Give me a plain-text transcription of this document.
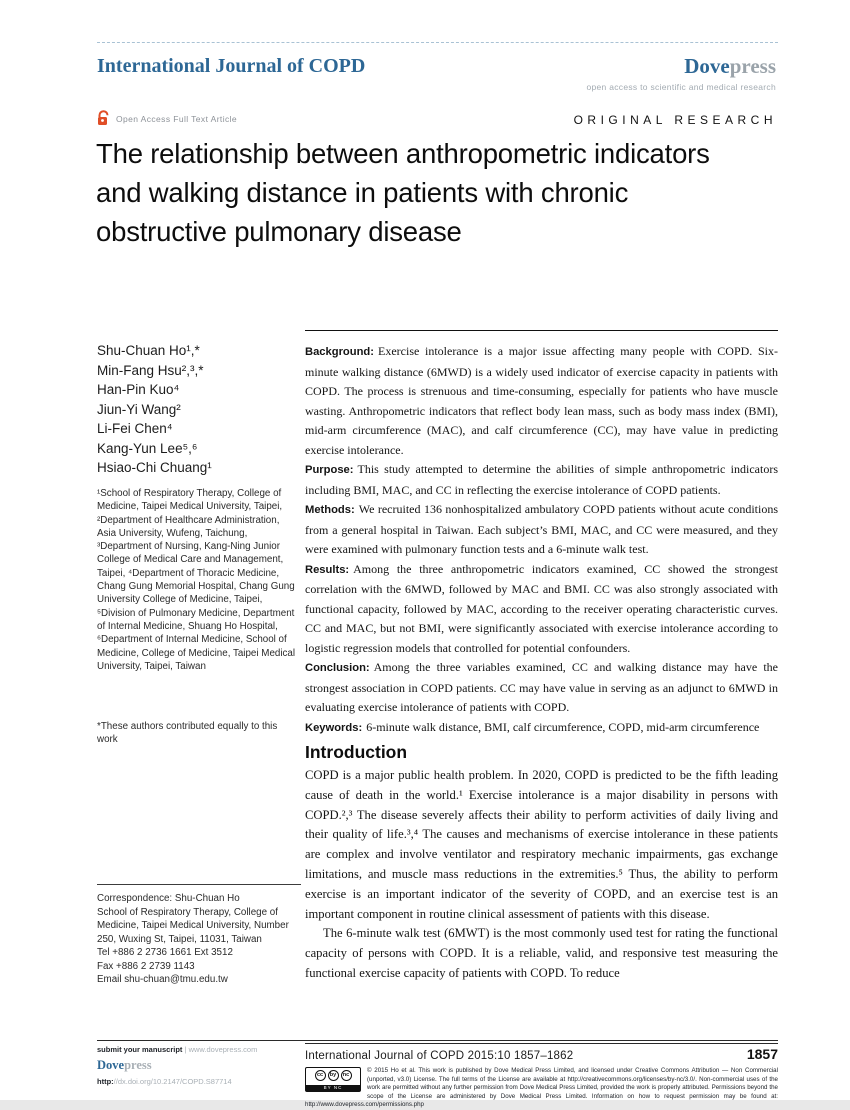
International Journal of COPD	Dovepress
open access to scientific and medical research
Open Access Full Text Article	ORIGINAL RESEARCH
The relationship between anthropometric indicators and walking distance in patients with chronic obstructive pulmonary disease
Shu-Chuan Ho¹,*
Min-Fang Hsu²,³,*
Han-Pin Kuo⁴
Jiun-Yi Wang²
Li-Fei Chen⁴
Kang-Yun Lee⁵,⁶
Hsiao-Chi Chuang¹
¹School of Respiratory Therapy, College of Medicine, Taipei Medical University, Taipei, ²Department of Healthcare Administration, Asia University, Wufeng, Taichung, ³Department of Nursing, Kang-Ning Junior College of Medical Care and Management, Taipei, ⁴Department of Thoracic Medicine, Chang Gung Memorial Hospital, Chang Gung University College of Medicine, Taipei, ⁵Division of Pulmonary Medicine, Department of Internal Medicine, Shuang Ho Hospital, ⁶Department of Internal Medicine, School of Medicine, College of Medicine, Taipei Medical University, Taipei, Taiwan
*These authors contributed equally to this work
Correspondence: Shu-Chuan Ho
School of Respiratory Therapy, College of Medicine, Taipei Medical University, Number 250, Wuxing St, Taipei, 11031, Taiwan
Tel +886 2 2736 1661 Ext 3512
Fax +886 2 2739 1143
Email shu-chuan@tmu.edu.tw

Background: Exercise intolerance is a major issue affecting many people with COPD. Six-minute walking distance (6MWD) is a widely used indicator of exercise capacity in patients with COPD. The process is strenuous and time-consuming, especially for patients who have muscle wasting. Anthropometric indicators that reflect body lean mass, such as body mass index (BMI), mid-arm circumference (MAC), and calf circumference (CC), may have value in predicting exercise intolerance.

Purpose: This study attempted to determine the abilities of simple anthropometric indicators including BMI, MAC, and CC in reflecting the exercise intolerance of COPD patients.

Methods: We recruited 136 nonhospitalized ambulatory COPD patients without acute conditions from a general hospital in Taiwan. Each subject’s BMI, MAC, and CC were measured, and they were examined with pulmonary function tests and a 6-minute walk test.

Results: Among the three anthropometric indicators examined, CC showed the strongest correlation with the 6MWD, followed by MAC and BMI. CC was also strongly associated with functional capacity, followed by MAC, according to the receiver operating characteristic curves. CC and MAC, but not BMI, were significantly associated with exercise intolerance according to logistic regression models that controlled for potential confounders.

Conclusion: Among the three variables examined, CC and walking distance may have the strongest association in COPD patients. CC may have value in serving as an adjunct to 6MWD in evaluating exercise intolerance of patients with COPD.

Keywords: 6-minute walk distance, BMI, calf circumference, COPD, mid-arm circumference

Introduction

COPD is a major public health problem. In 2020, COPD is predicted to be the fifth leading cause of death in the world.¹ Exercise intolerance is a major disability in persons with COPD.²,³ The disease severely affects their ability to perform activities of daily living and their quality of life.³,⁴ The causes and mechanisms of exercise intolerance in these patients are complex and involve ventilator and respiratory mechanic impairments, gas exchange limitations, and muscle mass reductions in the extremities.⁵ Thus, the ability to perform exercise is an important indicator of the severity of COPD, and an exercise test is an important component in routine clinical assessment of patients with this disease.

The 6-minute walk test (6MWT) is the most commonly used test for rating the functional capacity of persons with COPD. It is a reliable, valid, and responsive test measuring the functional exercise capacity of patients with COPD. To reduce

submit your manuscript | www.dovepress.com
Dovepress
http://dx.doi.org/10.2147/COPD.S87714
International Journal of COPD 2015:10 1857–1862	1857
cc	by	nc
BY NC
© 2015 Ho et al. This work is published by Dove Medical Press Limited, and licensed under Creative Commons Attribution — Non Commercial (unported, v3.0) License. The full terms of the License are available at http://creativecommons.org/licenses/by-nc/3.0/. Non-commercial uses of the work are permitted without any further permission from Dove Medical Press Limited, provided the work is properly attributed. Permissions beyond the scope of the License are administered by Dove Medical Press Limited. Information on how to request permission may be found at: http://www.dovepress.com/permissions.php
